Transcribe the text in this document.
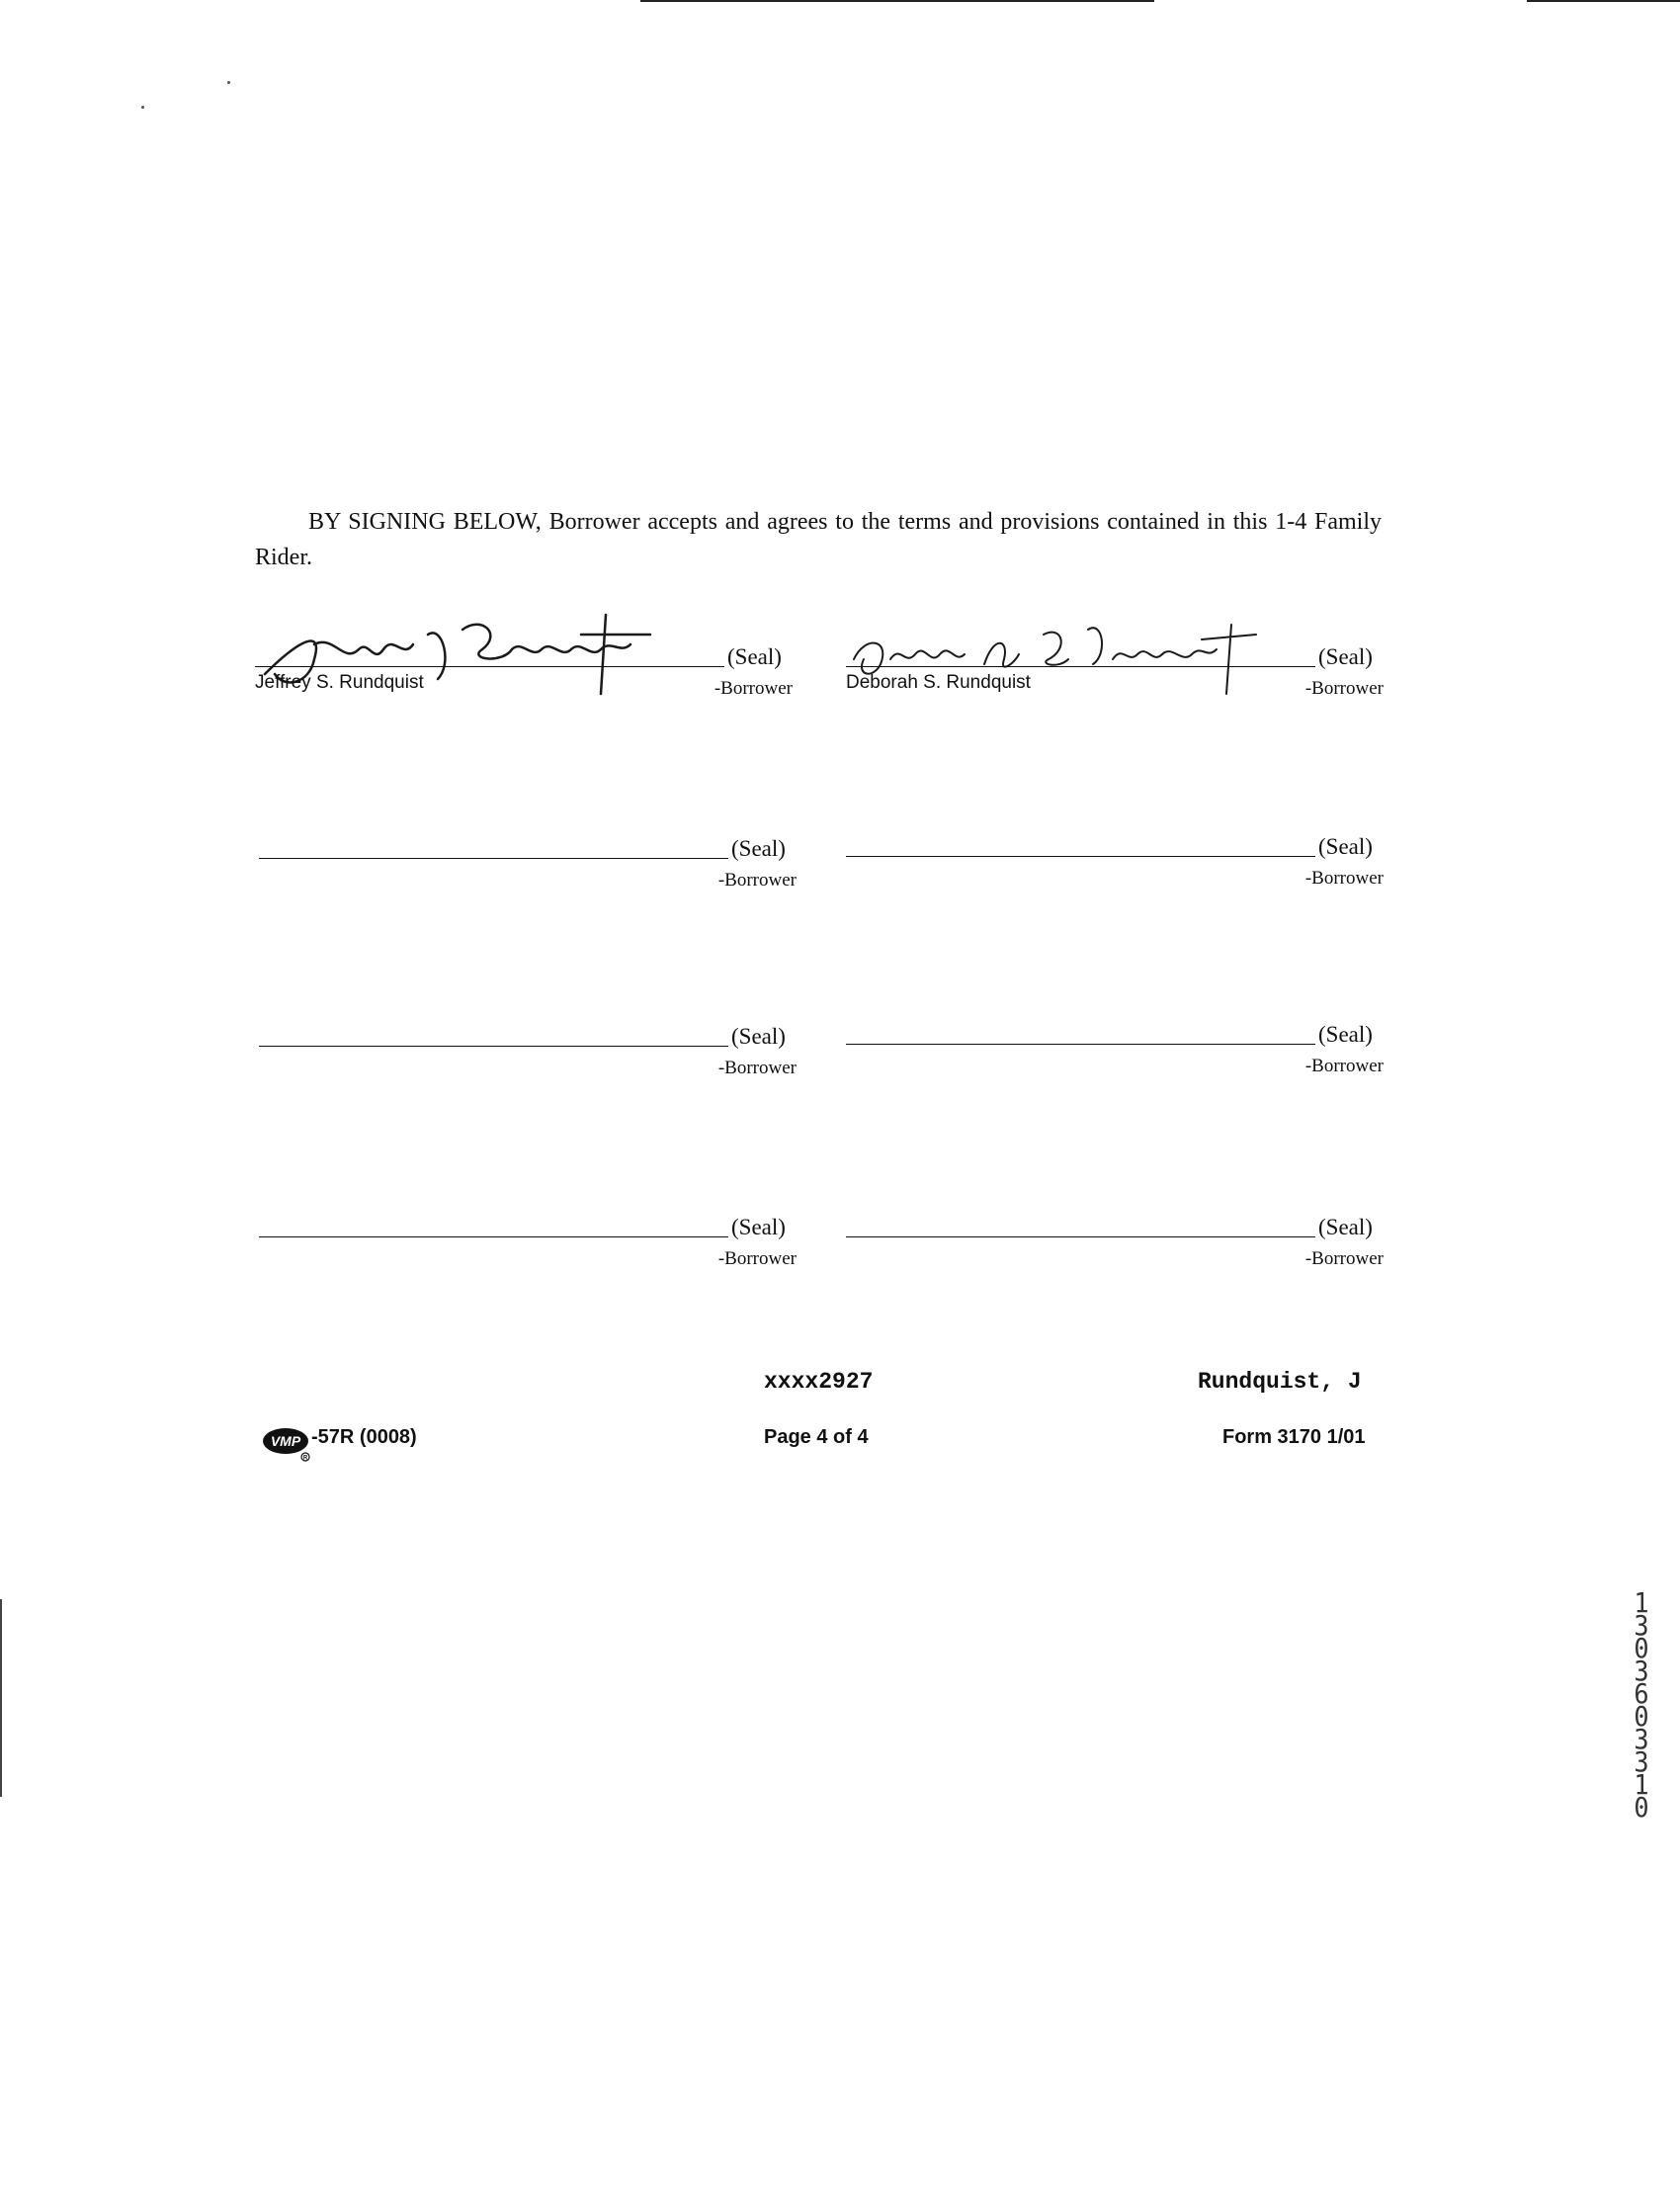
BY SIGNING BELOW, Borrower accepts and agrees to the terms and provisions contained in this 1-4 Family Rider.

(Seal)
Jeffrey S. Rundquist	-Borrower
(Seal)
Deborah S. Rundquist	-Borrower
(Seal)
-Borrower
(Seal)
-Borrower
(Seal)
-Borrower
(Seal)
-Borrower
(Seal)
-Borrower
(Seal)
-Borrower
xxxx2927	Rundquist, J
VMP
R
-57R (0008)	Page 4 of 4	Form 3170 1/01
13036 03310
